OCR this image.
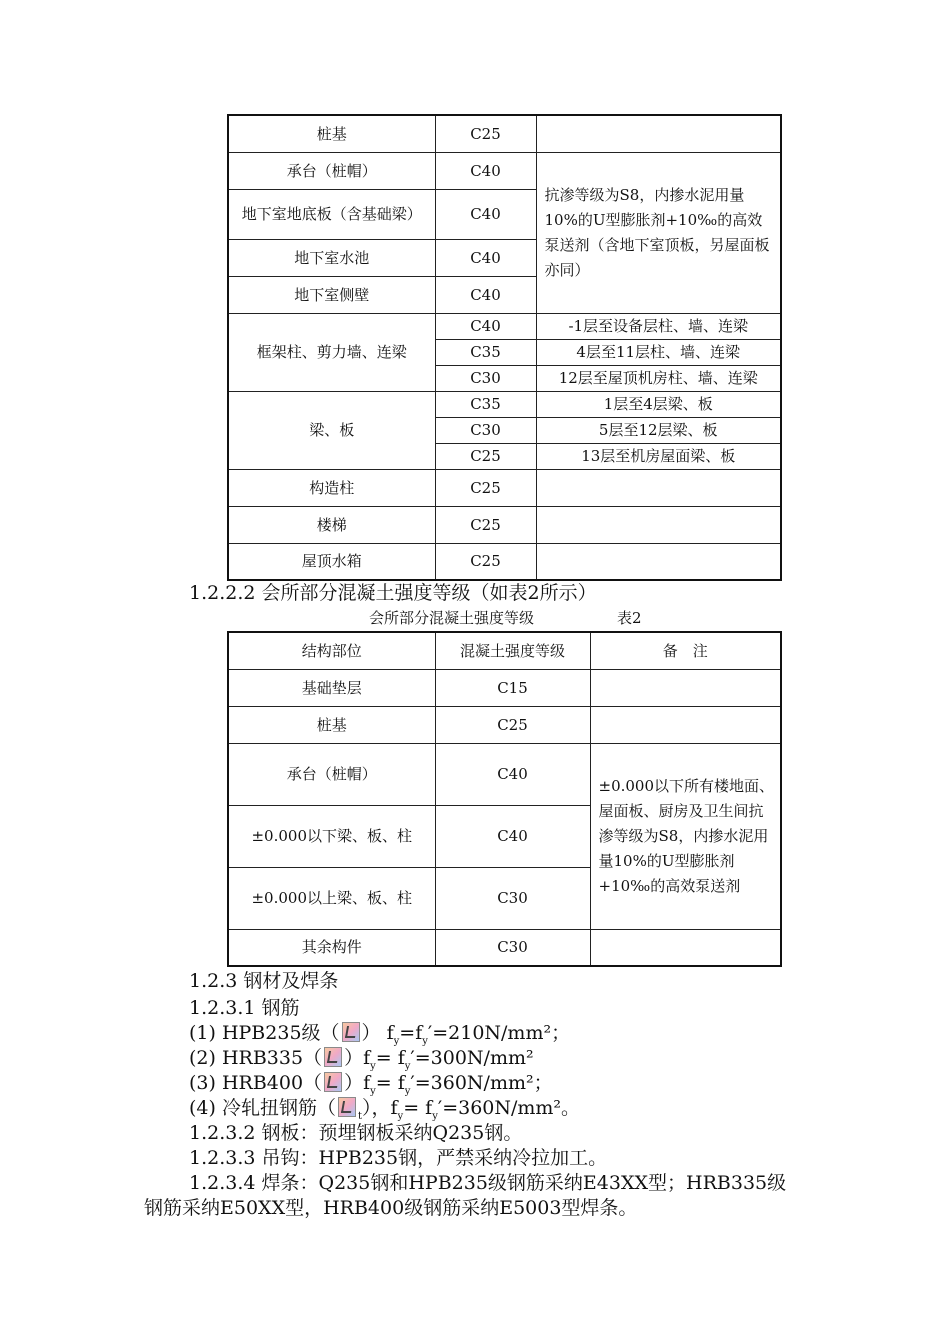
桩基	C25	
承台（桩帽）	C40	抗渗等级为S8，内掺水泥用量10%的U型膨胀剂+10‰的高效泵送剂（含地下室顶板，另屋面板亦同）
地下室地底板（含基础梁）	C40	
地下室水池	C40	
地下室侧壁	C40	
框架柱、剪力墙、连梁	C40	-1层至设备层柱、墙、连梁
	C35	4层至11层柱、墙、连梁
	C30	12层至屋顶机房柱、墙、连梁
梁、板	C35	1层至4层梁、板
	C30	5层至12层梁、板
	C25	13层至机房屋面梁、板
构造柱	C25	
楼梯	C25	
屋顶水箱	C25	
1.2.2.2 会所部分混凝土强度等级（如表2所示）
会所部分混凝土强度等级	表2
结构部位	混凝土强度等级	备　注
基础垫层	C15	
桩基	C25	
承台（桩帽）	C40	±0.000以下所有楼地面、屋面板、厨房及卫生间抗渗等级为S8，内掺水泥用量10%的U型膨胀剂+10‰的高效泵送剂
±0.000以下梁、板、柱	C40	
±0.000以上梁、板、柱	C30	
其余构件	C30	
1.2.3 钢材及焊条
1.2.3.1 钢筋
(1) HPB235级（ ） $f_y=f_y'=210N$/mm²；
(2) HRB335（ ）$f_y= f_y'=300N/mm^2$
(3) HRB400（ ）$f_y= f_y'=360N/mm^2$；
(4) 冷轧扭钢筋（ $_t$），$f_y= f_y'=360N/mm^2$。
1.2.3.2 钢板：预埋钢板采纳Q235钢。
1.2.3.3 吊钩：HPB235钢，严禁采纳冷拉加工。
1.2.3.4 焊条：Q235钢和HPB235级钢筋采纳E43XX型；HRB335级
钢筋采纳E50XX型，HRB400级钢筋采纳E5003型焊条。
